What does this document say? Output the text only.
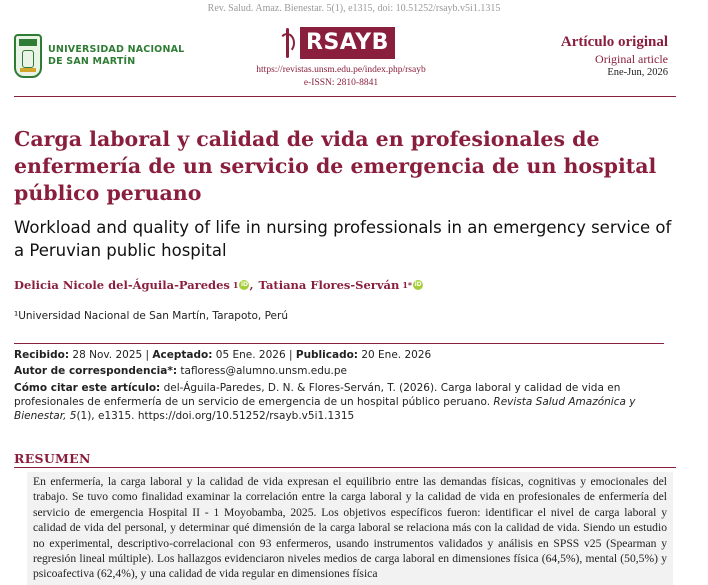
Rev. Salud. Amaz. Bienestar. 5(1), e1315, doi: 10.51252/rsayb.v5i1.1315
UNIVERSIDAD NACIONAL
DE SAN MARTÍN
RSAYB
https://revistas.unsm.edu.pe/index.php/rsayb
e-ISSN: 2810-8841
Artículo original
Original article
Ene-Jun, 2026
Carga laboral y calidad de vida en profesionales de enfermería de un servicio de emergencia de un hospital público peruano
Workload and quality of life in nursing professionals in an emergency service of a Peruvian public hospital
Delicia Nicole del-Águila-Paredes 1 iD , Tatiana Flores-Serván 1* iD
¹Universidad Nacional de San Martín, Tarapoto, Perú
Recibido: 28 Nov. 2025 | Aceptado: 05 Ene. 2026 | Publicado: 20 Ene. 2026
Autor de correspondencia*: tafloress@alumno.unsm.edu.pe
Cómo citar este artículo: del-Águila-Paredes, D. N. & Flores-Serván, T. (2026). Carga laboral y calidad de vida en profesionales de enfermería de un servicio de emergencia de un hospital público peruano. Revista Salud Amazónica y Bienestar, 5(1), e1315. https://doi.org/10.51252/rsayb.v5i1.1315
RESUMEN
En enfermería, la carga laboral y la calidad de vida expresan el equilibrio entre las demandas físicas, cognitivas y emocionales del trabajo. Se tuvo como finalidad examinar la correlación entre la carga laboral y la calidad de vida en profesionales de enfermería del servicio de emergencia Hospital II - 1 Moyobamba, 2025. Los objetivos específicos fueron: identificar el nivel de carga laboral y calidad de vida del personal, y determinar qué dimensión de la carga laboral se relaciona más con la calidad de vida. Siendo un estudio no experimental, descriptivo-correlacional con 93 enfermeros, usando instrumentos validados y análisis en SPSS v25 (Spearman y regresión lineal múltiple). Los hallazgos evidenciaron niveles medios de carga laboral en dimensiones física (64,5%), mental (50,5%) y psicoafectiva (62,4%), y una calidad de vida regular en dimensiones física
